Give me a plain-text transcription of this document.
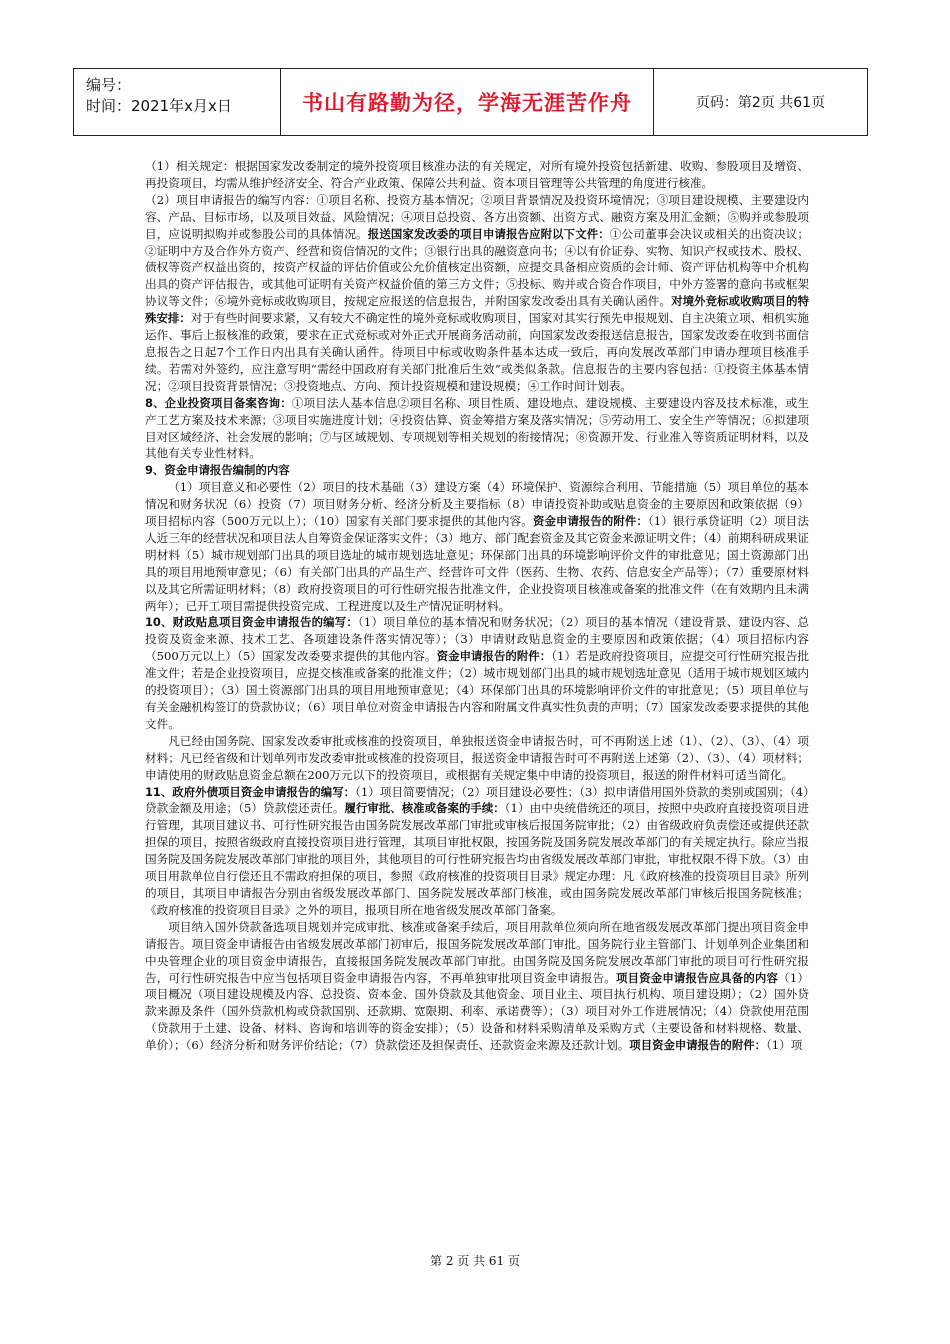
编号：
时间：2021年x月x日	书山有路勤为径，学海无涯苦作舟	页码：第2页 共61页

（1）相关规定：根据国家发改委制定的境外投资项目核准办法的有关规定，对所有境外投资包括新建、收购、参股项目及增资、再投资项目，均需从维护经济安全、符合产业政策、保障公共利益、资本项目管理等公共管理的角度进行核准。

（2）项目申请报告的编写内容：①项目名称、投资方基本情况；②项目背景情况及投资环境情况；③项目建设规模、主要建设内容、产品、目标市场，以及项目效益、风险情况；④项目总投资、各方出资额、出资方式、融资方案及用汇金额；⑤购并或参股项目，应说明拟购并或参股公司的具体情况。报送国家发改委的项目申请报告应附以下文件：①公司董事会决议或相关的出资决议；②证明中方及合作外方资产、经营和资信情况的文件；③银行出具的融资意向书；④以有价证券、实物、知识产权或技术、股权、债权等资产权益出资的，按资产权益的评估价值或公允价值核定出资额，应提交具备相应资质的会计师、资产评估机构等中介机构出具的资产评估报告，或其他可证明有关资产权益价值的第三方文件；⑤投标、购并或合资合作项目，中外方签署的意向书或框架协议等文件；⑥境外竞标或收购项目，按规定应报送的信息报告，并附国家发改委出具有关确认函件。对境外竞标或收购项目的特殊安排：对于有些时间要求紧，又有较大不确定性的境外竞标或收购项目，国家对其实行预先申报规划、自主决策立项、相机实施运作、事后上报核准的政策，要求在正式竞标或对外正式开展商务活动前，向国家发改委报送信息报告，国家发改委在收到书面信息报告之日起7个工作日内出具有关确认函件。待项目中标或收购条件基本达成一致后，再向发展改革部门申请办理项目核准手续。若需对外签约，应注意写明“需经中国政府有关部门批准后生效”或类似条款。信息报告的主要内容包括：①投资主体基本情况；②项目投资背景情况；③投资地点、方向、预计投资规模和建设规模；④工作时间计划表。

8、企业投资项目备案咨询：①项目法人基本信息②项目名称、项目性质、建设地点、建设规模、主要建设内容及技术标准，或生产工艺方案及技术来源；③项目实施进度计划；④投资估算、资金筹措方案及落实情况；⑤劳动用工、安全生产等情况；⑥拟建项目对区域经济、社会发展的影响；⑦与区域规划、专项规划等相关规划的衔接情况；⑧资源开发、行业准入等资质证明材料，以及其他有关专业性材料。

9、资金申请报告编制的内容

（1）项目意义和必要性（2）项目的技术基础（3）建设方案（4）环境保护、资源综合利用、节能措施（5）项目单位的基本情况和财务状况（6）投资（7）项目财务分析、经济分析及主要指标（8）申请投资补助或贴息资金的主要原因和政策依据（9）项目招标内容（500万元以上）；（10）国家有关部门要求提供的其他内容。资金申请报告的附件：（1）银行承贷证明（2）项目法人近三年的经营状况和项目法人自筹资金保证落实文件；（3）地方、部门配套资金及其它资金来源证明文件；（4）前期科研成果证明材料（5）城市规划部门出具的项目选址的城市规划选址意见；环保部门出具的环境影响评价文件的审批意见；国土资源部门出具的项目用地预审意见；（6）有关部门出具的产品生产、经营许可文件（医药、生物、农药、信息安全产品等）；（7）重要原材料以及其它所需证明材料；（8）政府投资项目的可行性研究报告批准文件，企业投资项目核准或备案的批准文件（在有效期内且未满两年）；已开工项目需提供投资完成、工程进度以及生产情况证明材料。

10、财政贴息项目资金申请报告的编写：（1）项目单位的基本情况和财务状况；（2）项目的基本情况（建设背景、建设内容、总投资及资金来源、技术工艺、各项建设条件落实情况等）；（3）申请财政贴息资金的主要原因和政策依据；（4）项目招标内容（500万元以上）（5）国家发改委要求提供的其他内容。资金申请报告的附件：（1）若是政府投资项目，应提交可行性研究报告批准文件；若是企业投资项目，应提交核准或备案的批准文件；（2）城市规划部门出具的城市规划选址意见（适用于城市规划区域内的投资项目）；（3）国土资源部门出具的项目用地预审意见；（4）环保部门出具的环境影响评价文件的审批意见；（5）项目单位与有关金融机构签订的贷款协议；（6）项目单位对资金申请报告内容和附属文件真实性负责的声明；（7）国家发改委要求提供的其他文件。

凡已经由国务院、国家发改委审批或核准的投资项目，单独报送资金申请报告时，可不再附送上述（1）、（2）、（3）、（4）项材料；凡已经省级和计划单列市发改委审批或核准的投资项目，报送资金申请报告时可不再附送上述第（2）、（3）、（4）项材料；申请使用的财政贴息资金总额在200万元以下的投资项目，或根据有关规定集中申请的投资项目，报送的附件材料可适当简化。

11、政府外债项目资金申请报告的编写：（1）项目简要情况；（2）项目建设必要性；（3）拟申请借用国外贷款的类别或国别；（4）贷款金额及用途；（5）贷款偿还责任。履行审批、核准或备案的手续：（1）由中央统借统还的项目，按照中央政府直接投资项目进行管理，其项目建议书、可行性研究报告由国务院发展改革部门审批或审核后报国务院审批；（2）由省级政府负责偿还或提供还款担保的项目，按照省级政府直接投资项目进行管理，其项目审批权限，按国务院及国务院发展改革部门的有关规定执行。除应当报国务院及国务院发展改革部门审批的项目外，其他项目的可行性研究报告均由省级发展改革部门审批，审批权限不得下放。（3）由项目用款单位自行偿还且不需政府担保的项目，参照《政府核准的投资项目目录》规定办理：凡《政府核准的投资项目目录》所列的项目，其项目申请报告分别由省级发展改革部门、国务院发展改革部门核准，或由国务院发展改革部门审核后报国务院核准；《政府核准的投资项目目录》之外的项目，报项目所在地省级发展改革部门备案。

项目纳入国外贷款备选项目规划并完成审批、核准或备案手续后，项目用款单位须向所在地省级发展改革部门提出项目资金申请报告。项目资金申请报告由省级发展改革部门初审后，报国务院发展改革部门审批。国务院行业主管部门、计划单列企业集团和中央管理企业的项目资金申请报告，直接报国务院发展改革部门审批。由国务院及国务院发展改革部门审批的项目可行性研究报告，可行性研究报告中应当包括项目资金申请报告内容，不再单独审批项目资金申请报告。项目资金申请报告应具备的内容（1）项目概况（项目建设规模及内容、总投资、资本金、国外贷款及其他资金、项目业主、项目执行机构、项目建设期）；（2）国外贷款来源及条件（国外贷款机构或贷款国别、还款期、宽限期、利率、承诺费等）；（3）项目对外工作进展情况；（4）贷款使用范围（贷款用于土建、设备、材料、咨询和培训等的资金安排）；（5）设备和材料采购清单及采购方式（主要设备和材料规格、数量、单价）；（6）经济分析和财务评价结论；（7）贷款偿还及担保责任、还款资金来源及还款计划。项目资金申请报告的附件：（1）项

第 2 页 共 61 页
